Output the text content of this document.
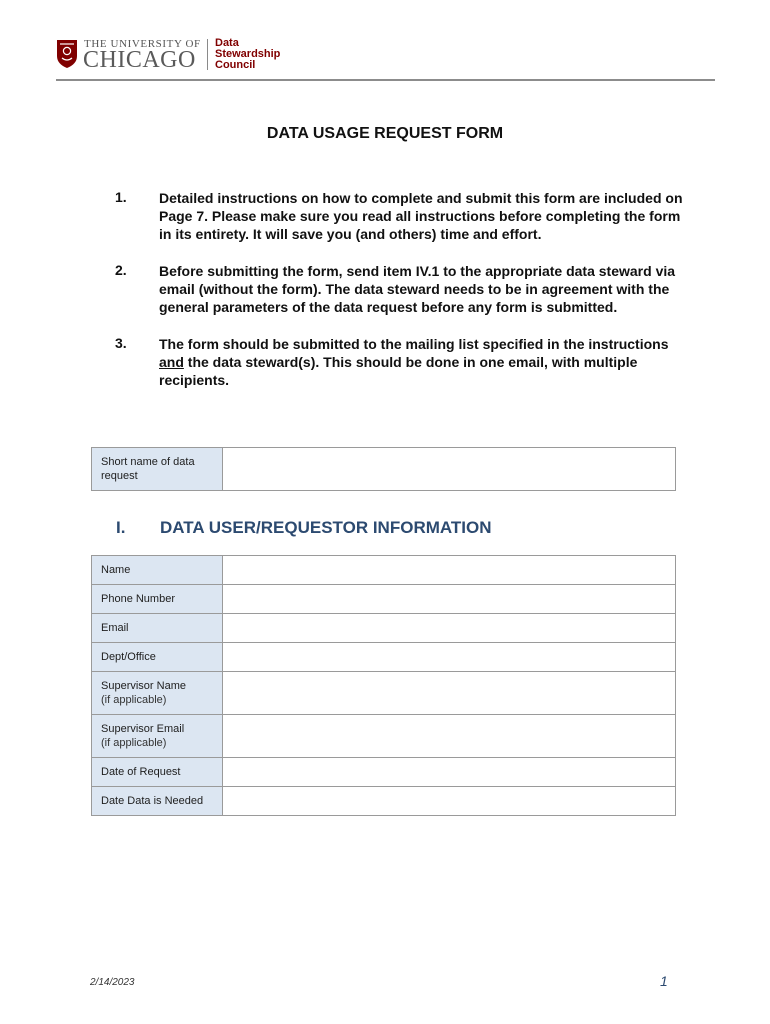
THE UNIVERSITY OF
CHICAGO
Data
Stewardship
Council
DATA USAGE REQUEST FORM
1. Detailed instructions on how to complete and submit this form are included on Page 7. Please make sure you read all instructions before completing the form in its entirety. It will save you (and others) time and effort.
2. Before submitting the form, send item IV.1 to the appropriate data steward via email (without the form). The data steward needs to be in agreement with the general parameters of the data request before any form is submitted.
3. The form should be submitted to the mailing list specified in the instructions and the data steward(s). This should be done in one email, with multiple recipients.
Short name of data request	
I. DATA USER/REQUESTOR INFORMATION
Name	
Phone Number	
Email	
Dept/Office	
Supervisor Name
(if applicable)	

Supervisor Email
(if applicable)	

Date of Request	
Date Data is Needed	
2/14/2023	1
